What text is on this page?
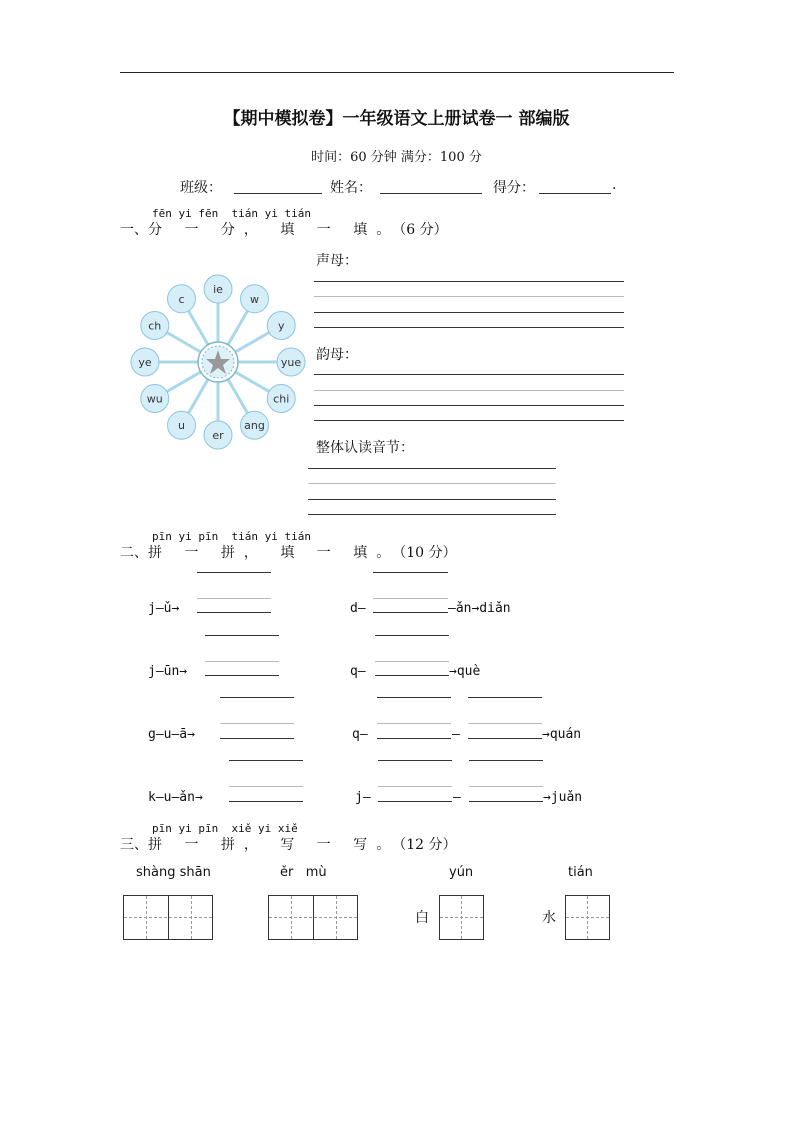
【期中模拟卷】一年级语文上册试卷一 部编版
时间：60 分钟 满分：100 分
班级：	姓名：	得分：	.
fēn yi fēn  tián yi tián
一、分 一 分， 填 一 填。（6 分）
ie
w
y
yue
chi
ang
er
u
wu
ye
ch
c
声母：
韵母：
整体认读音节：
pīn yi pīn  tián yi tián
二、拼 一 拼， 填 一 填。（10 分）
j—ǔ→	d—	—ǎn→diǎn
j—ūn→	q—	→què
g—u—ā→	q—	—	→quán
k—u—ǎn→	j—	—	→juǎn
pīn yi pīn  xiě yi xiě
三、拼 一 拼， 写 一 写。（12 分）
shàng shān	ěr   mù	yún	tián
白	水
